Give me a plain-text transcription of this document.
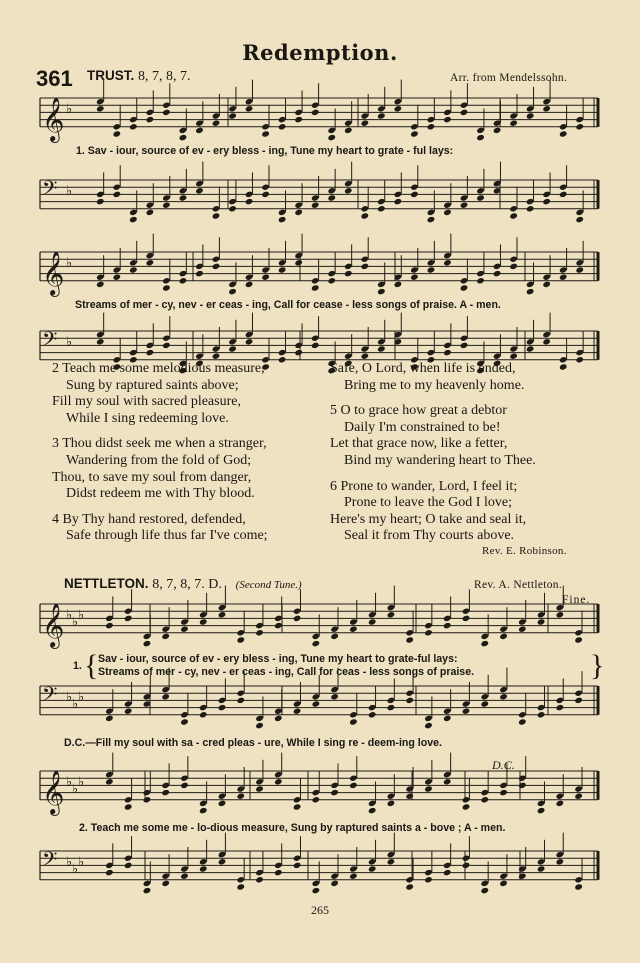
Redemption.
361 TRUST. 8, 7, 8, 7.	Arr. from Mendelssohn.
𝄞 ♭
𝄢 ♭
𝄞 ♭
𝄢 ♭
𝄞 ♭ ♭ ♭
𝄢 ♭ ♭ ♭
𝄞 ♭ ♭ ♭
𝄢 ♭ ♭ ♭
1. Sav - iour, source of ev - ery bless - ing, Tune my heart to grate - ful lays:
Streams of mer - cy, nev - er ceas - ing, Call for cease - less songs of praise. A - men.
2 Teach me some melodious measure,
Sung by raptured saints above;
Fill my soul with sacred pleasure,
While I sing redeeming love.
3 Thou didst seek me when a stranger,
Wandering from the fold of God;
Thou, to save my soul from danger,
Didst redeem me with Thy blood.
4 By Thy hand restored, defended,
Safe through life thus far I've come;
Safe, O Lord, when life is ended,
Bring me to my heavenly home.
5 O to grace how great a debtor
Daily I'm constrained to be!
Let that grace now, like a fetter,
Bind my wandering heart to Thee.
6 Prone to wander, Lord, I feel it;
Prone to leave the God I love;
Here's my heart; O take and seal it,
Seal it from Thy courts above.
Rev. E. Robinson.
NETTLETON. 8, 7, 8, 7. D. (Second Tune.)	Rev. A. Nettleton.
Fine.
1. { Sav - iour, source of ev - ery bless - ing, Tune my heart to grate-ful lays:
Streams of mer - cy, nev - er ceas - ing, Call for ceas - less songs of praise.	}
D.C.—Fill my soul with sa - cred pleas - ure, While I sing re - deem-ing love.
D.C.
2. Teach me some me - lo-dious measure, Sung by raptured saints a - bove ; A - men.
265
